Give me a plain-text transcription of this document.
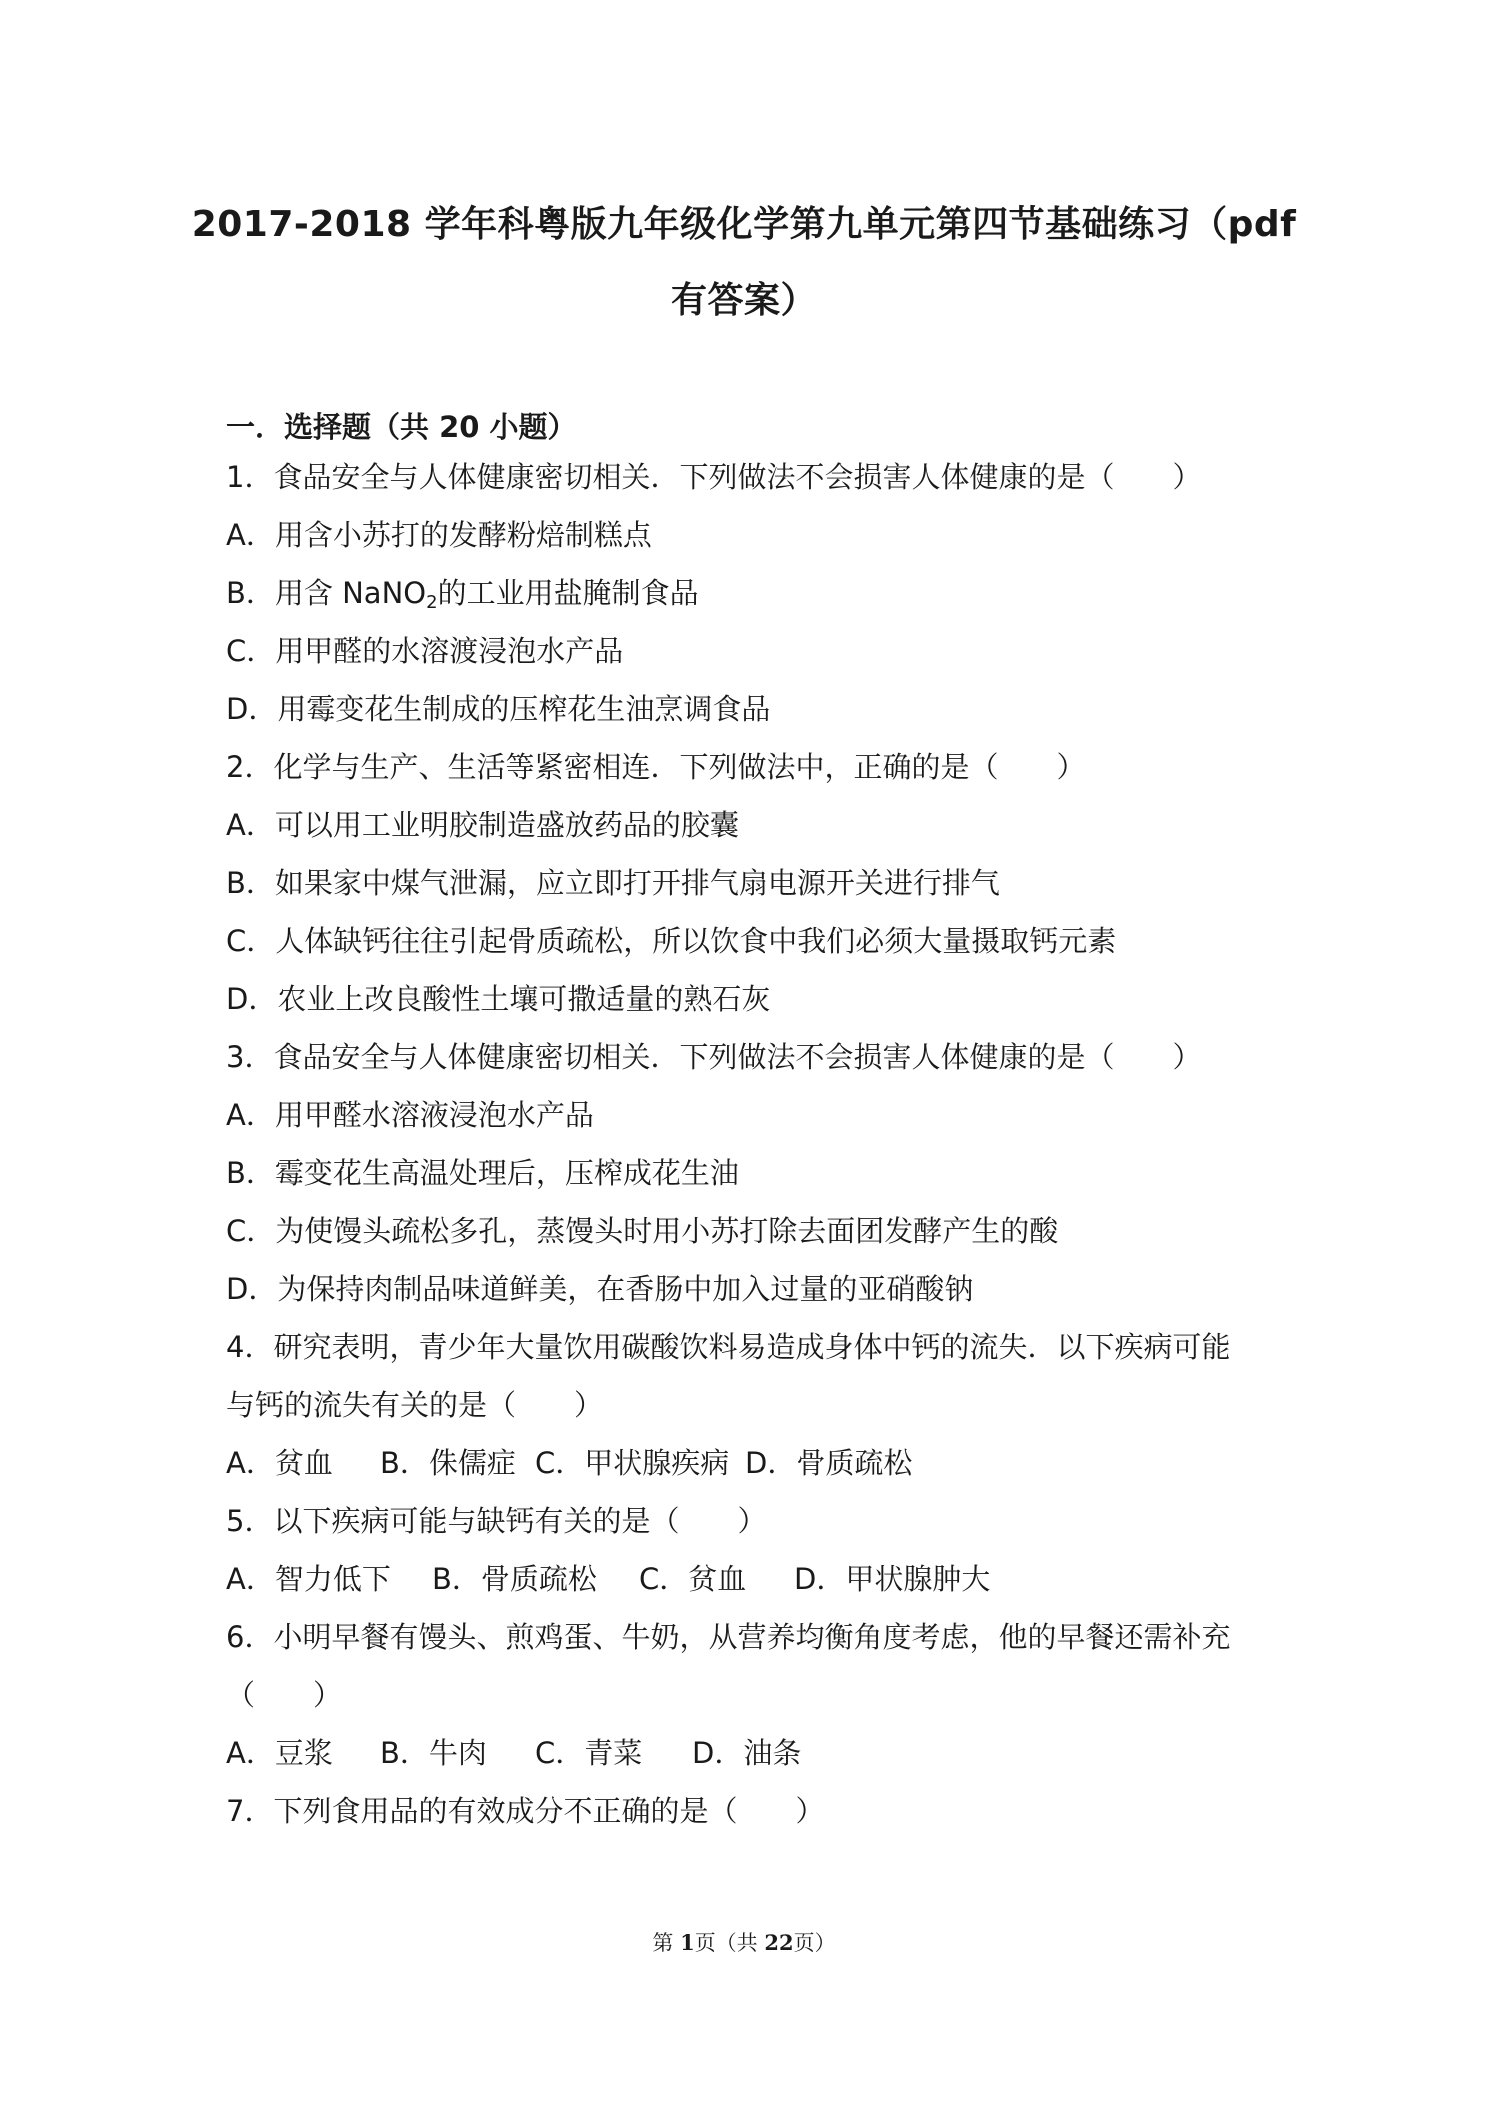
2017-2018 学年科粤版九年级化学第九单元第四节基础练习（pdf
有答案）
一．选择题（共 20 小题）
1．食品安全与人体健康密切相关．下列做法不会损害人体健康的是（　　）
A．用含小苏打的发酵粉焙制糕点
B．用含 NaNO$_2$的工业用盐腌制食品
C．用甲醛的水溶渡浸泡水产品
D．用霉变花生制成的压榨花生油烹调食品
2．化学与生产、生活等紧密相连．下列做法中，正确的是（　　）
A．可以用工业明胶制造盛放药品的胶囊
B．如果家中煤气泄漏，应立即打开排气扇电源开关进行排气
C．人体缺钙往往引起骨质疏松，所以饮食中我们必须大量摄取钙元素
D．农业上改良酸性土壤可撒适量的熟石灰
3．食品安全与人体健康密切相关．下列做法不会损害人体健康的是（　　）
A．用甲醛水溶液浸泡水产品
B．霉变花生高温处理后，压榨成花生油
C．为使馒头疏松多孔，蒸馒头时用小苏打除去面团发酵产生的酸
D．为保持肉制品味道鲜美，在香肠中加入过量的亚硝酸钠
4．研究表明，青少年大量饮用碳酸饮料易造成身体中钙的流失．以下疾病可能
与钙的流失有关的是（　　）
A．贫血 B．侏儒症 C．甲状腺疾病 D．骨质疏松
5．以下疾病可能与缺钙有关的是（　　）
A．智力低下 B．骨质疏松 C．贫血 D．甲状腺肿大
6．小明早餐有馒头、煎鸡蛋、牛奶，从营养均衡角度考虑，他的早餐还需补充
（　　）
A．豆浆 B．牛肉 C．青菜 D．油条
7．下列食用品的有效成分不正确的是（　　）
第 1页（共 22页）
